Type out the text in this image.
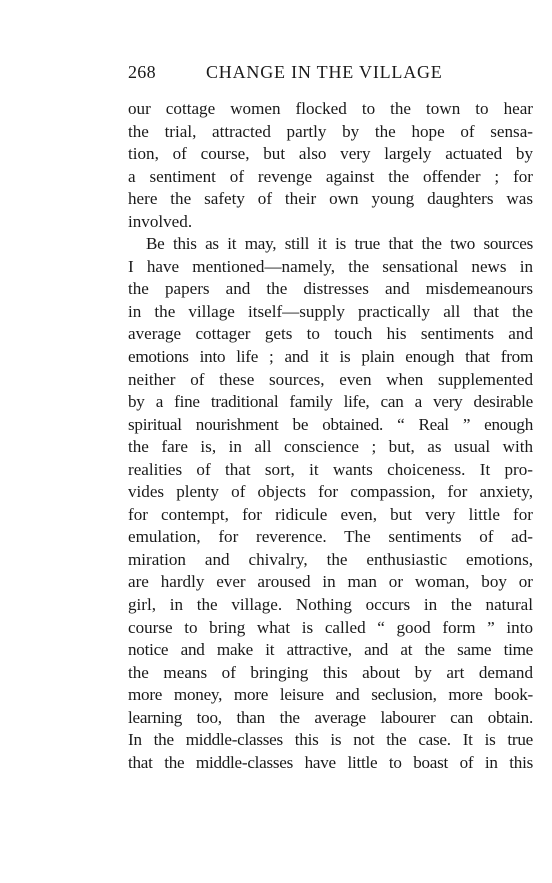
268	CHANGE IN THE VILLAGE
our cottage women flocked to the town to hear
the trial, attracted partly by the hope of sensa-
tion, of course, but also very largely actuated by
a sentiment of revenge against the offender ; for
here the safety of their own young daughters was
involved.
Be this as it may, still it is true that the two sources
I have mentioned—namely, the sensational news in
the papers and the distresses and misdemeanours
in the village itself—supply practically all that the
average cottager gets to touch his sentiments and
emotions into life ; and it is plain enough that from
neither of these sources, even when supplemented
by a fine traditional family life, can a very desirable
spiritual nourishment be obtained. “ Real ” enough
the fare is, in all conscience ; but, as usual with
realities of that sort, it wants choiceness. It pro-
vides plenty of objects for compassion, for anxiety,
for contempt, for ridicule even, but very little for
emulation, for reverence. The sentiments of ad-
miration and chivalry, the enthusiastic emotions,
are hardly ever aroused in man or woman, boy or
girl, in the village. Nothing occurs in the natural
course to bring what is called “ good form ” into
notice and make it attractive, and at the same time
the means of bringing this about by art demand
more money, more leisure and seclusion, more book-
learning too, than the average labourer can obtain.
In the middle-classes this is not the case. It is true
that the middle-classes have little to boast of in this
